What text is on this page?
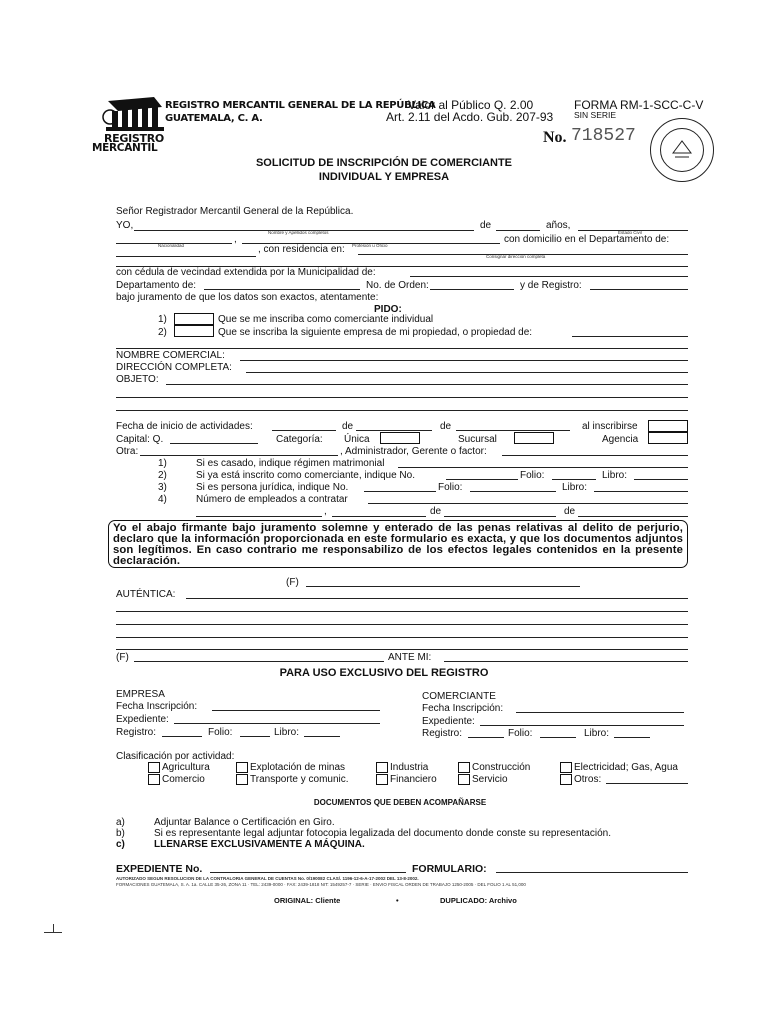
REGISTRO
MERCANTIL
REGISTRO MERCANTIL GENERAL DE LA REPÚBLICA
GUATEMALA, C. A.
Valor al Público Q. 2.00
Art. 2.11 del Acdo. Gub. 207-93
FORMA RM-1-SCC-C-V
SIN SERIE
No. 718527
SOLICITUD DE INSCRIPCIÓN DE COMERCIANTE
INDIVIDUAL Y EMPRESA
Señor Registrador Mercantil General de la República.
YO,
Nombre y Apellidos completos
de	años,
Estado Civil
Nacionalidad
,
Profesión u Oficio
con domicilio en el Departamento de:
, con residencia en:
Consignar dirección completa
con cédula de vecindad extendida por la Municipalidad de:
Departamento de:	No. de Orden:	y de Registro:
bajo juramento de que los datos son exactos, atentamente:
PIDO:
1)	Que se me inscriba como comerciante individual
2)	Que se inscriba la siguiente empresa de mi propiedad, o propiedad de:
NOMBRE COMERCIAL:
DIRECCIÓN COMPLETA:
OBJETO:
Fecha de inicio de actividades:	de	de	al inscribirse
Capital: Q.	Categoría: Única	Sucursal	Agencia
Otra:	, Administrador, Gerente o factor:
1)	Si es casado, indique régimen matrimonial
2)	Si ya está inscrito como comerciante, indique No.	Folio:	Libro:
3)	Si es persona jurídica, indique No.	Folio:	Libro:
4)	Número de empleados a contratar
,	de	de
Yo el abajo firmante bajo juramento solemne y enterado de las penas relativas al delito de perjurio, declaro que la información proporcionada en este formulario es exacta, y que los documentos adjuntos son legítimos. En caso contrario me responsabilizo de los efectos legales contenidos en la presente declaración.
(F)
AUTÉNTICA:
(F)	ANTE MI:
PARA USO EXCLUSIVO DEL REGISTRO
EMPRESA
Fecha Inscripción:
Expediente:
Registro:	Folio:	Libro:
COMERCIANTE
Fecha Inscripción:
Expediente:
Registro:	Folio:	Libro:
Clasificación por actividad:
Agricultura	Explotación de minas	Industria	Construcción	Electricidad; Gas, Agua
Comercio	Transporte y comunic.	Financiero	Servicio	Otros:
DOCUMENTOS QUE DEBEN ACOMPAÑARSE
a)	Adjuntar Balance o Certificación en Giro.
b)	Si es representante legal adjuntar fotocopia legalizada del documento donde conste su representación.
c)	LLENARSE EXCLUSIVAMENTE A MÁQUINA.
EXPEDIENTE No.	FORMULARIO:
AUTORIZADO SEGUN RESOLUCION DE LA CONTRALORIA GENERAL DE CUENTAS No. 0/190082 CLAS/. 1196-12-6-A-17-2002 DEL 13-8-2002.
FORMACIONES GUATEMALA, S. A. 1a. CALLE 35-26, ZONA 11 · TEL: 2439-0000 · FAX: 2439-1818 NIT: 1549257-7 · SERIE · ENVIO FISCAL ORDEN DE TRABAJO 1250-2005 · DEL FOLIO 1 AL 51,000
ORIGINAL: Cliente	•	DUPLICADO: Archivo
